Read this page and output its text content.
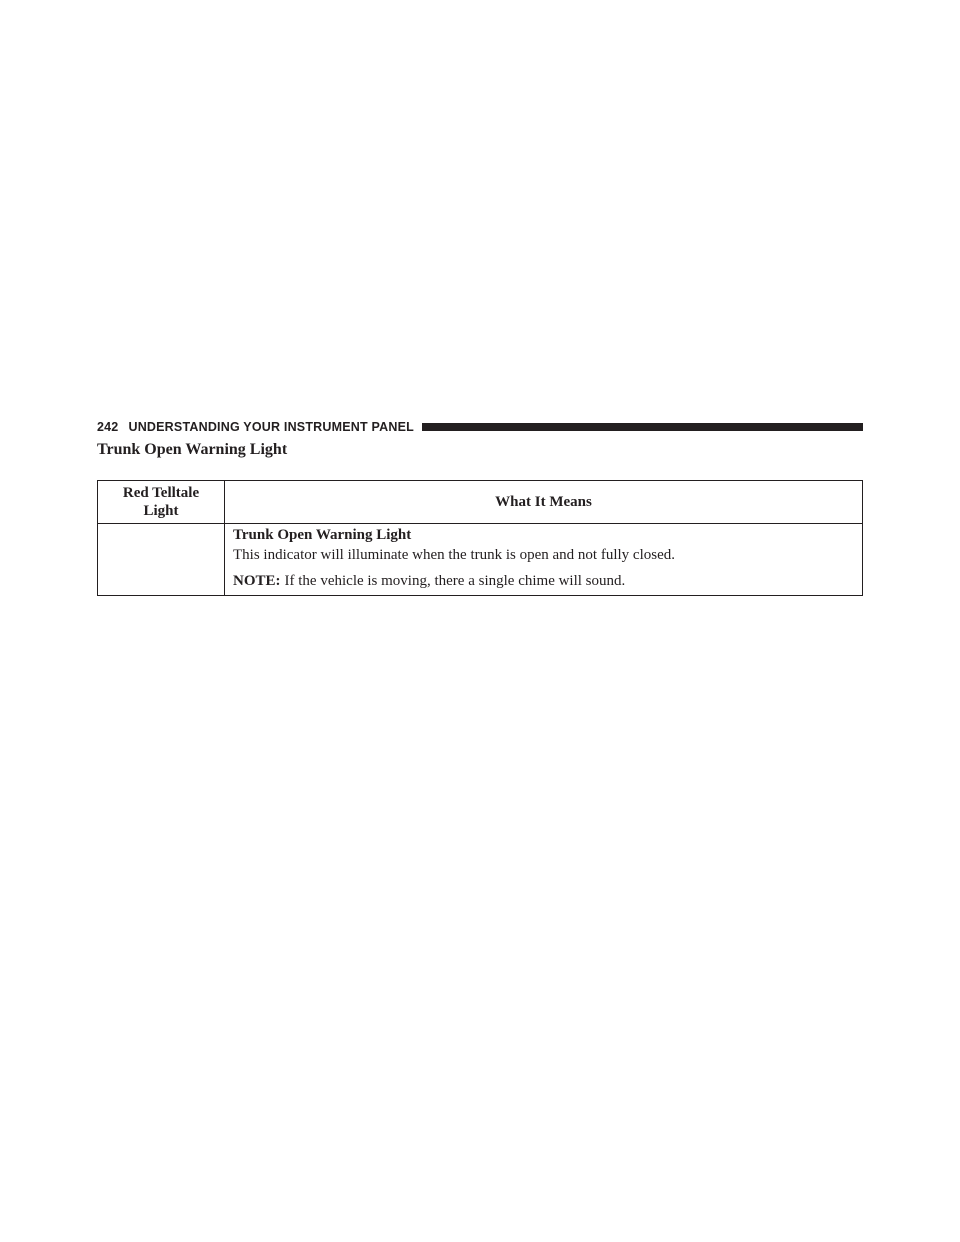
242 UNDERSTANDING YOUR INSTRUMENT PANEL
Trunk Open Warning Light
Red Telltale
Light	What It Means

	Trunk Open Warning Light
This indicator will illuminate when the trunk is open and not fully closed.
NOTE: If the vehicle is moving, there a single chime will sound.
